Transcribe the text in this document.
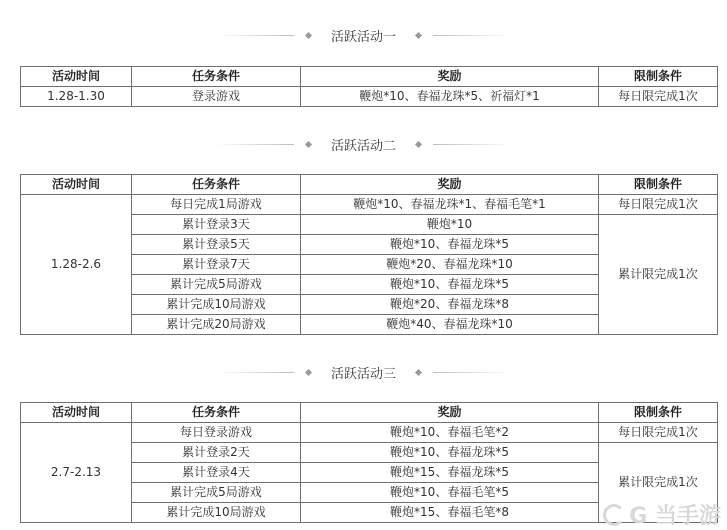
活跃活动一
活动时间	任务条件	奖励	限制条件
1.28-1.30	登录游戏	鞭炮*10、春福龙珠*5、祈福灯*1	每日限完成1次
活跃活动二
活动时间	任务条件	奖励	限制条件
1.28-2.6	每日完成1局游戏	鞭炮*10、春福龙珠*1、春福毛笔*1	每日限完成1次
	累计登录3天	鞭炮*10	累计限完成1次
	累计登录5天	鞭炮*10、春福龙珠*5	
	累计登录7天	鞭炮*20、春福龙珠*10	
	累计完成5局游戏	鞭炮*10、春福龙珠*5	
	累计完成10局游戏	鞭炮*20、春福龙珠*8	
	累计完成20局游戏	鞭炮*40、春福龙珠*10	
活跃活动三
活动时间	任务条件	奖励	限制条件
2.7-2.13	每日登录游戏	鞭炮*10、春福毛笔*2	每日限完成1次
	累计登录2天	鞭炮*10、春福龙珠*5	累计限完成1次
	累计登录4天	鞭炮*15、春福龙珠*5	
	累计完成5局游戏	鞭炮*10、春福毛笔*5	
	累计完成10局游戏	鞭炮*15、春福毛笔*8		G 当手游
